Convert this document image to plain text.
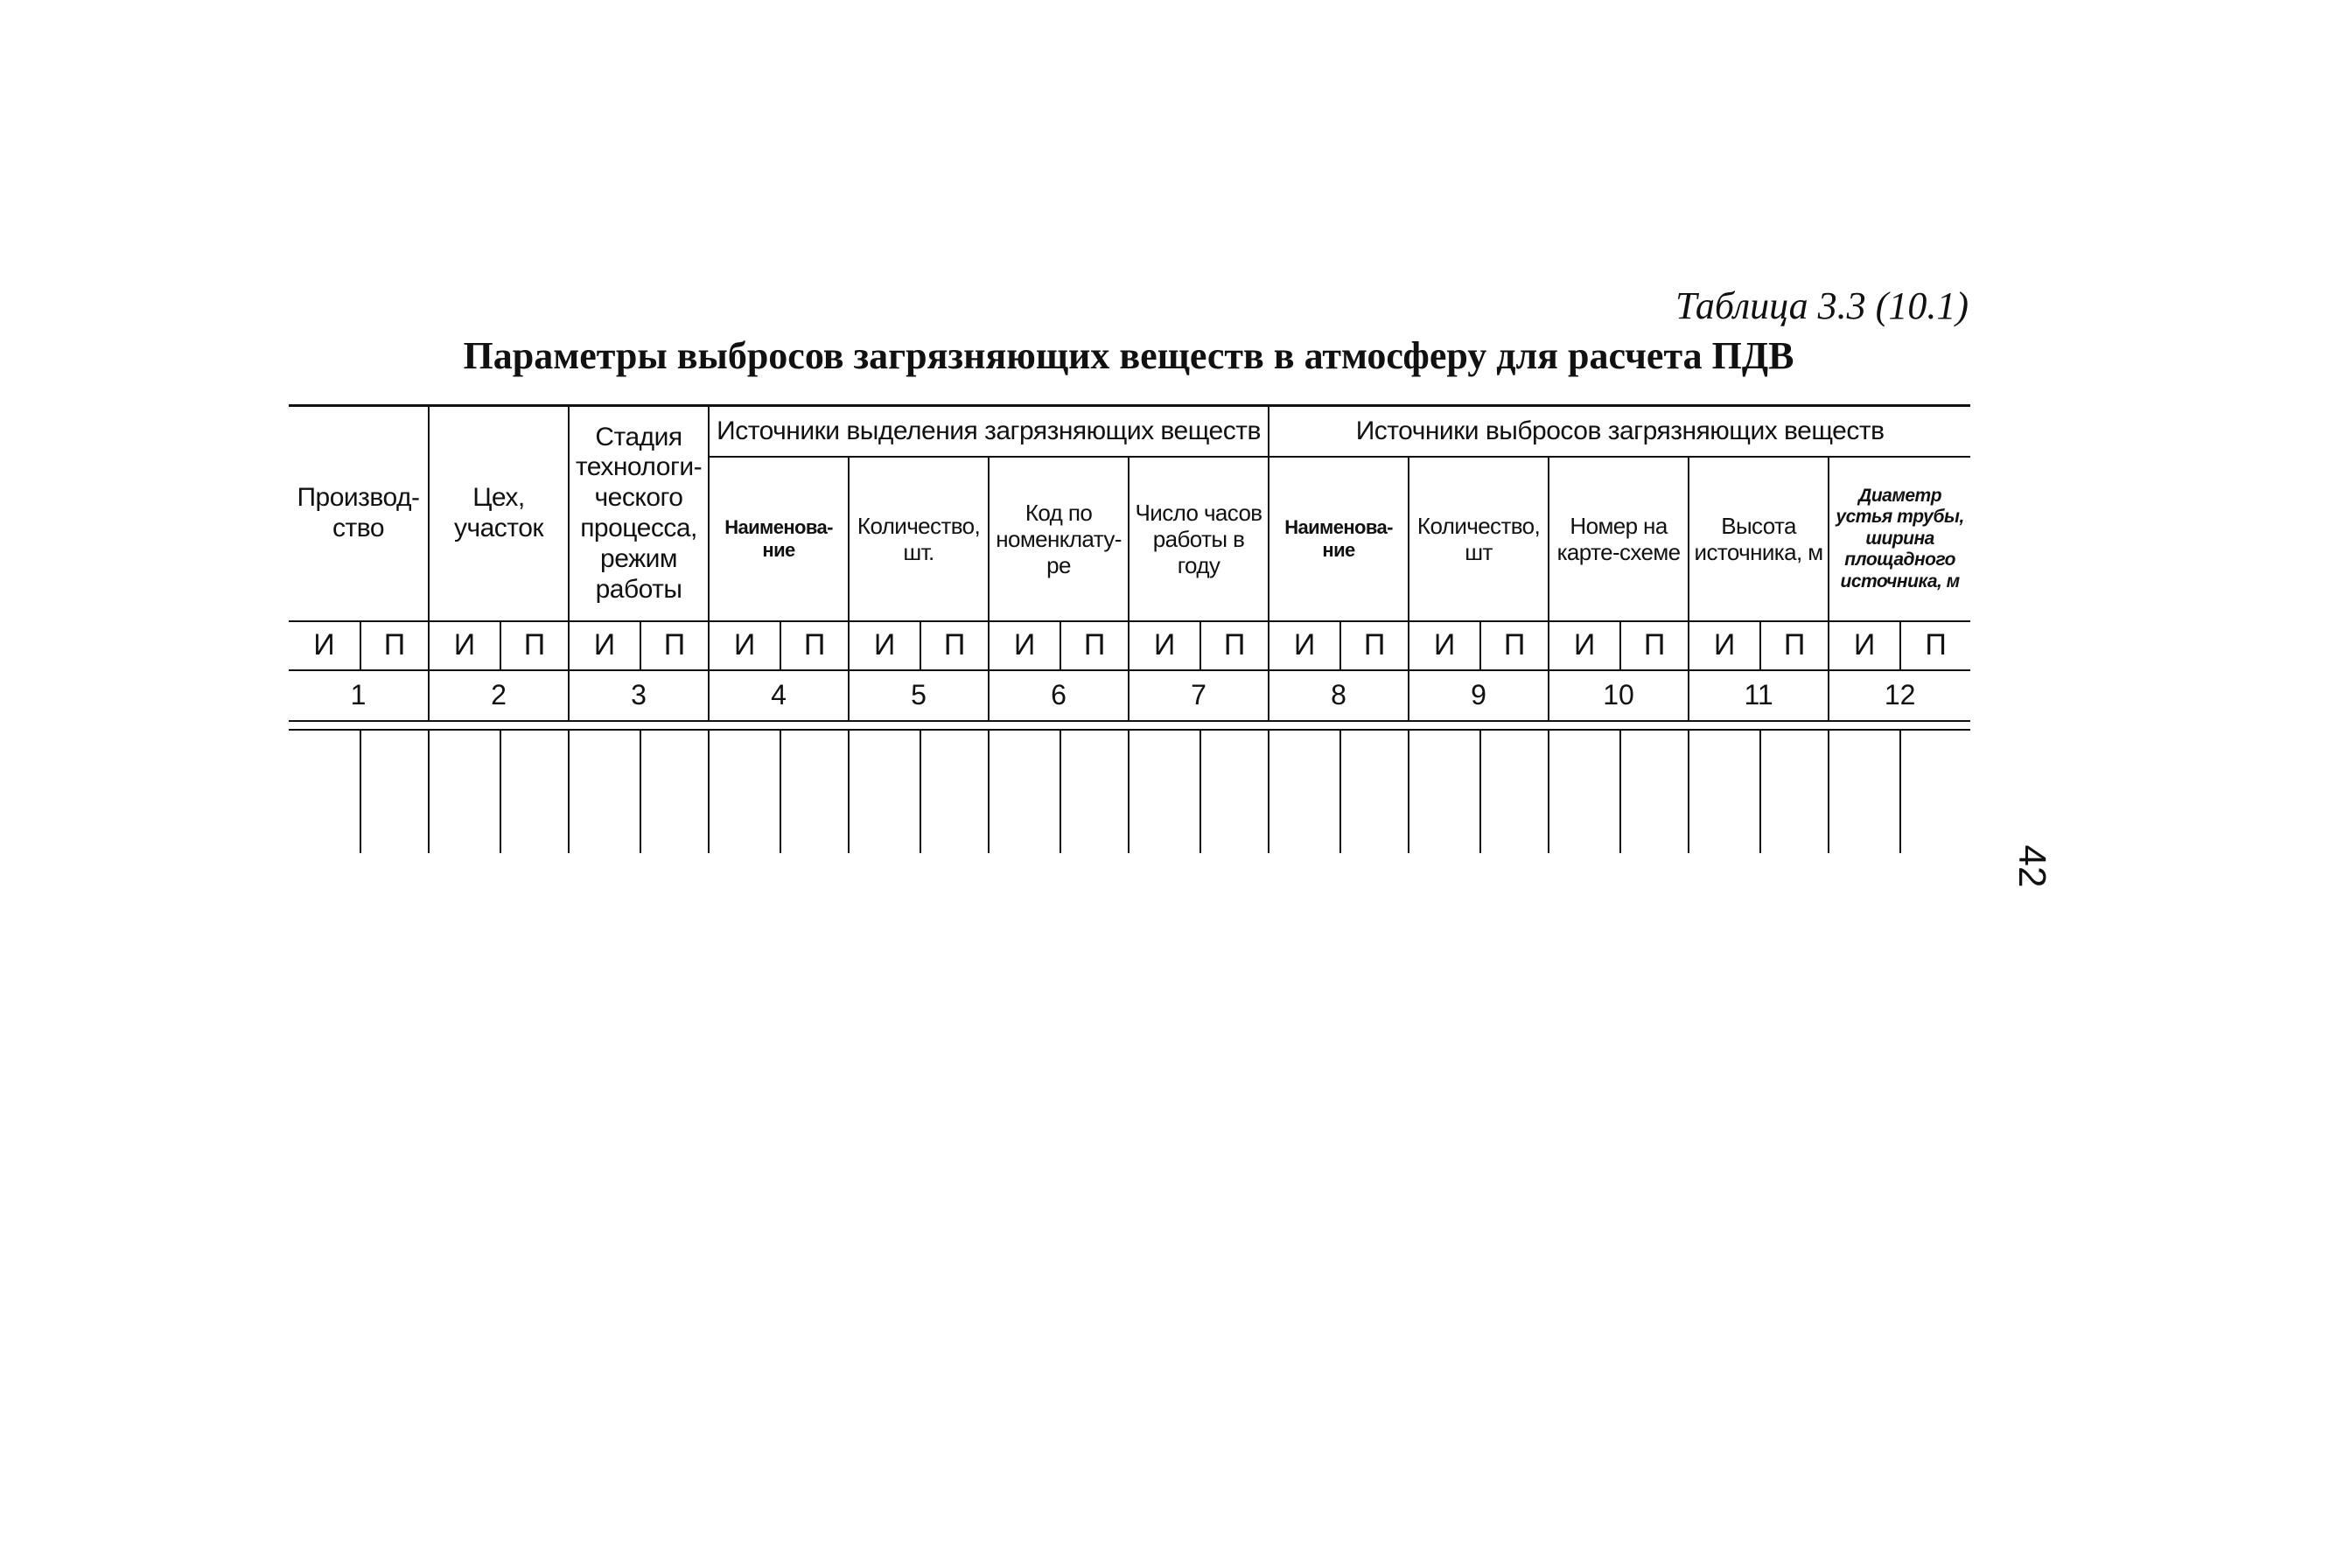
Таблица 3.3 (10.1)
Параметры выбросов загрязняющих веществ в атмосферу для расчета ПДВ
Производ- ство		Цех, участок		Стадия технологи- ческого процесса, режим работы		Источники выделения загрязняющих веществ								Источники выбросов загрязняющих веществ									
						Наименова- ние		Количество, шт.		Код по номенклату- ре		Число часов работы в году		Наименова- ние		Количество, шт		Номер на карте-схеме		Высота источника, м		Диаметр устья трубы, ширина площадного источника, м	
И	П	И	П	И	П	И	П	И	П	И	П	И	П	И	П	И	П	И	П	И	П	И	П
1		2		3		4		5		6		7		8		9		10		11		12	

42
